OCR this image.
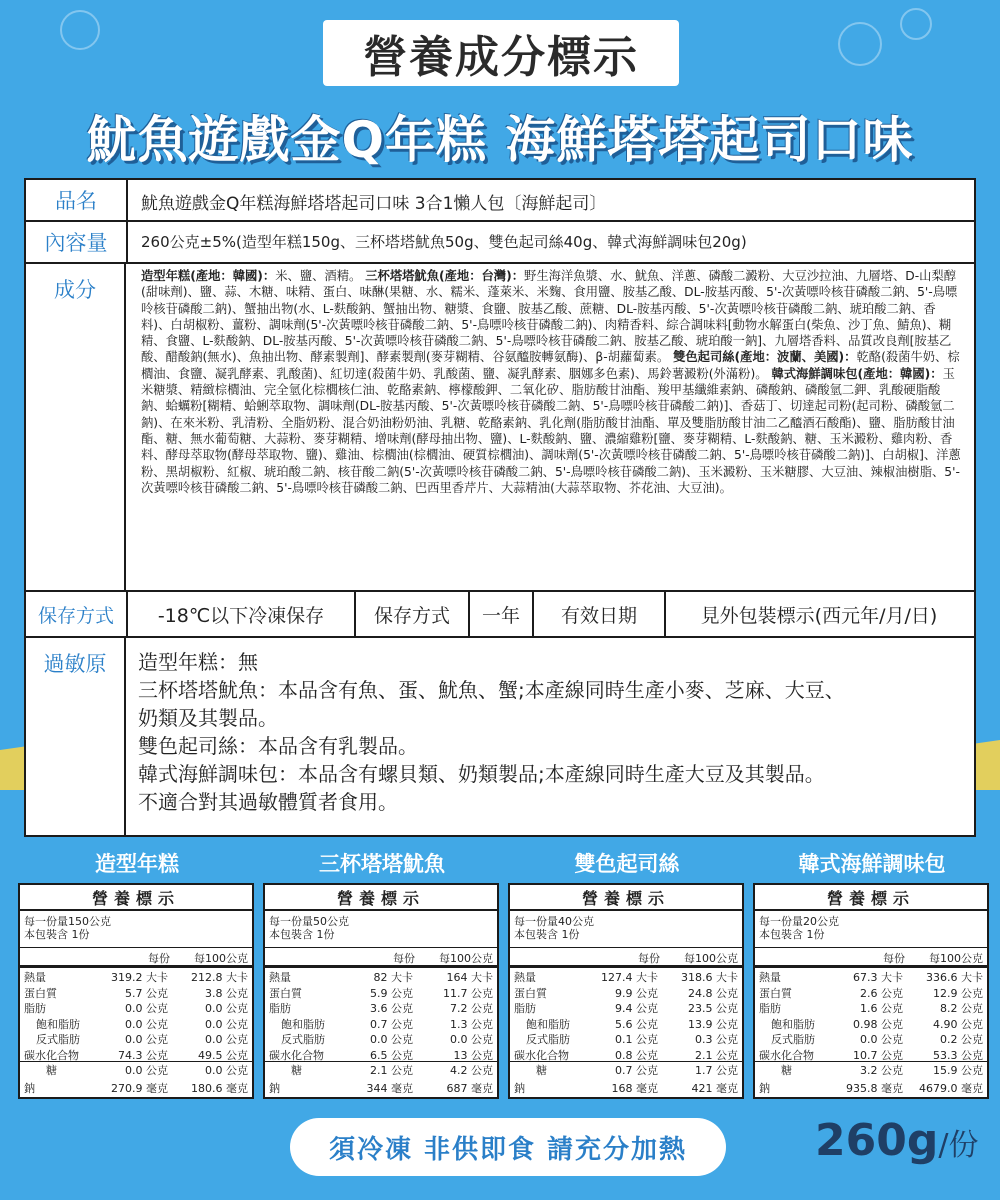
營養成分標示
魷魚遊戲金Q年糕 海鮮塔塔起司口味
品名	魷魚遊戲金Q年糕海鮮塔塔起司口味 3合1懶人包〔海鮮起司〕
內容量	260公克±5%(造型年糕150g、三杯塔塔魷魚50g、雙色起司絲40g、韓式海鮮調味包20g)
成分
造型年糕(產地：韓國)：米、鹽、酒精。 三杯塔塔魷魚(產地：台灣)：野生海洋魚漿、水、魷魚、洋蔥、磷酸二澱粉、大豆沙拉油、九層塔、D-山梨醇(甜味劑)、鹽、蒜、木糖、味精、蛋白、味醂(果糖、水、糯米、蓬萊米、米麴、食用鹽、胺基乙酸、DL-胺基丙酸、5'-次黃嘌呤核苷磷酸二鈉、5'-鳥嘌呤核苷磷酸二鈉)、蟹抽出物(水、L-麩酸鈉、蟹抽出物、糖漿、食鹽、胺基乙酸、蔗糖、DL-胺基丙酸、5'-次黃嘌呤核苷磷酸二鈉、琥珀酸二鈉、香料)、白胡椒粉、薑粉、調味劑(5'-次黃嘌呤核苷磷酸二鈉、5'-鳥嘌呤核苷磷酸二鈉)、肉精香料、綜合調味料[動物水解蛋白(柴魚、沙丁魚、鯖魚)、糊精、食鹽、L-麩酸鈉、DL-胺基丙酸、5'-次黃嘌呤核苷磷酸二鈉、5'-鳥嘌呤核苷磷酸二鈉、胺基乙酸、琥珀酸一鈉]、九層塔香料、品質改良劑[胺基乙酸、醋酸鈉(無水)、魚抽出物、酵素製劑]、酵素製劑(麥芽糊精、谷氨醯胺轉氨酶)、β-胡蘿蔔素。 雙色起司絲(產地：波蘭、美國)：乾酪(殺菌牛奶、棕櫚油、食鹽、凝乳酵素、乳酸菌)、紅切達(殺菌牛奶、乳酸菌、鹽、凝乳酵素、胭娜多色素)、馬鈴薯澱粉(外滿粉)。 韓式海鮮調味包(產地：韓國)：玉米糖漿、精緻棕櫚油、完全氫化棕櫚核仁油、乾酪素鈉、檸檬酸鉀、二氧化矽、脂肪酸甘油酯、羧甲基纖維素鈉、磷酸鈉、磷酸氫二鉀、乳酸硬脂酸鈉、蛤蠣粉[糊精、蛤蜊萃取物、調味劑(DL-胺基丙酸、5'-次黃嘌呤核苷磷酸二鈉、5'-鳥嘌呤核苷磷酸二鈉)]、香菇丁、切達起司粉(起司粉、磷酸氫二鈉)、在來米粉、乳清粉、全脂奶粉、混合奶油粉奶油、乳糖、乾酪素鈉、乳化劑(脂肪酸甘油酯、單及雙脂肪酸甘油二乙醯酒石酸酯)、鹽、脂肪酸甘油酯、糖、無水葡萄糖、大蒜粉、麥芽糊精、增味劑(酵母抽出物、鹽)、L-麩酸鈉、鹽、濃縮雞粉[鹽、麥芽糊精、L-麩酸鈉、糖、玉米澱粉、雞肉粉、香料、酵母萃取物(酵母萃取物、鹽)、雞油、棕櫚油(棕櫚油、硬質棕櫚油)、調味劑(5'-次黃嘌呤核苷磷酸二鈉、5'-鳥嘌呤核苷磷酸二鈉)]、白胡椒]、洋蔥粉、黑胡椒粉、紅椒、琥珀酸二鈉、核苷酸二鈉(5'-次黃嘌呤核苷磷酸二鈉、5'-鳥嘌呤核苷磷酸二鈉)、玉米澱粉、玉米糖膠、大豆油、辣椒油樹脂、5'-次黃嘌呤核苷磷酸二鈉、5'-鳥嘌呤核苷磷酸二鈉、巴西里香芹片、大蒜精油(大蒜萃取物、芥花油、大豆油)。
保存方式	-18℃以下冷凍保存	保存方式	一年	有效日期	見外包裝標示(西元年/月/日)
過敏原	造型年糕：無
三杯塔塔魷魚：本品含有魚、蛋、魷魚、蟹;本產線同時生產小麥、芝麻、大豆、
奶類及其製品。
雙色起司絲：本品含有乳製品。
韓式海鮮調味包：本品含有螺貝類、奶類製品;本產線同時生產大豆及其製品。
不適合對其過敏體質者食用。
造型年糕	三杯塔塔魷魚	雙色起司絲	韓式海鮮調味包
營養標示
每一份量150公克
本包裝含 1份
每份 每100公克
熱量	319.2 大卡 212.8 大卡
蛋白質	5.7 公克	3.8 公克
脂肪	0.0 公克	0.0 公克
飽和脂肪	0.0 公克	0.0 公克
反式脂肪	0.0 公克	0.0 公克
碳水化合物	74.3 公克	49.5 公克
糖	0.0 公克	0.0 公克
鈉	270.9 毫克 180.6 毫克
營養標示
每一份量50公克
本包裝含 1份
每份 每100公克
熱量	82 大卡	164 大卡
蛋白質	5.9 公克	11.7 公克
脂肪	3.6 公克	7.2 公克
飽和脂肪	0.7 公克	1.3 公克
反式脂肪	0.0 公克	0.0 公克
碳水化合物	6.5 公克	13 公克
糖	2.1 公克	4.2 公克
鈉	344 毫克	687 毫克
營養標示
每一份量40公克
本包裝含 1份
每份 每100公克
熱量	127.4 大卡 318.6 大卡
蛋白質	9.9 公克	24.8 公克
脂肪	9.4 公克	23.5 公克
飽和脂肪	5.6 公克	13.9 公克
反式脂肪	0.1 公克	0.3 公克
碳水化合物	0.8 公克	2.1 公克
糖	0.7 公克	1.7 公克
鈉	168 毫克	421 毫克
營養標示
每一份量20公克
本包裝含 1份
每份 每100公克
熱量	67.3 大卡 336.6 大卡
蛋白質	2.6 公克	12.9 公克
脂肪	1.6 公克	8.2 公克
飽和脂肪	0.98 公克	4.90 公克
反式脂肪	0.0 公克	0.2 公克
碳水化合物	10.7 公克	53.3 公克
糖	3.2 公克	15.9 公克
鈉	935.8 毫克 4679.0 毫克
須冷凍 非供即食 請充分加熱	260g/份
